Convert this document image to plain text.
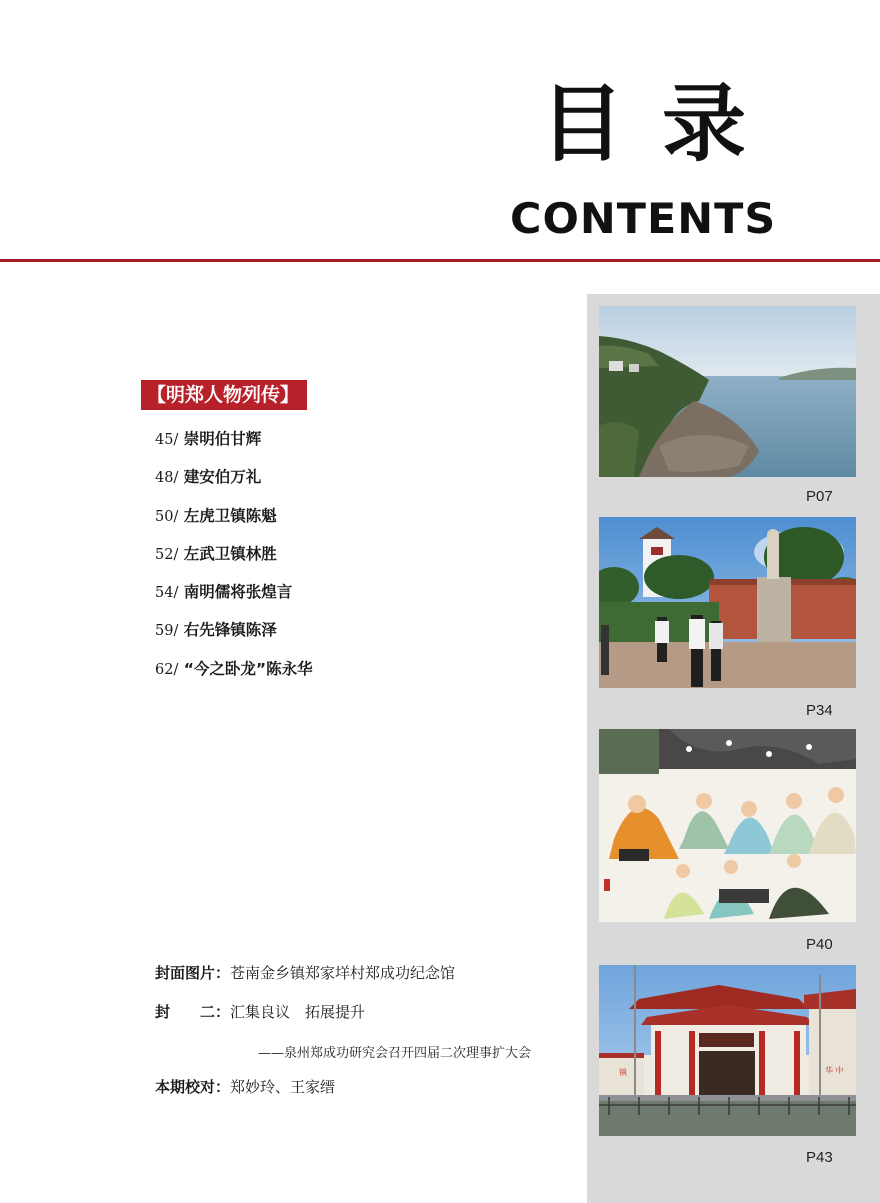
目录
CONTENTS
【明郑人物列传】
45/ 崇明伯甘辉
48/ 建安伯万礼
50/ 左虎卫镇陈魁
52/ 左武卫镇林胜
54/ 南明儒将张煌言
59/ 右先锋镇陈泽
62/ “今之卧龙”陈永华
封面图片：苍南金乡镇郑家垟村郑成功纪念馆
封　　二：汇集良议　拓展提升
——泉州郑成功研究会召开四届二次理事扩大会
本期校对：郑妙玲、王家缙
P07
P34
P40
镇	华 中
P43
